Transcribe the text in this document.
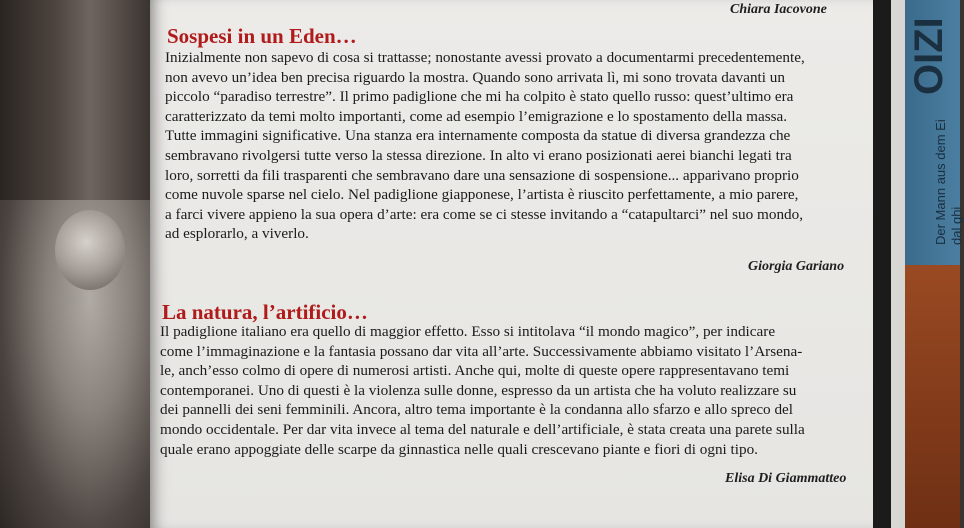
OIZI
Der Mann aus dem Ei dal ghi
Chiara Iacovone
Sospesi in un Eden…
Inizialmente non sapevo di cosa si trattasse; nonostante avessi provato a documentarmi precedentemente,
non avevo un’idea ben precisa riguardo la mostra. Quando sono arrivata lì, mi sono trovata davanti un
piccolo “paradiso terrestre”. Il primo padiglione che mi ha colpito è stato quello russo: quest’ultimo era
caratterizzato da temi molto importanti, come ad esempio l’emigrazione e lo spostamento della massa.
Tutte immagini significative. Una stanza era internamente composta da statue di diversa grandezza che
sembravano rivolgersi tutte verso la stessa direzione. In alto vi erano posizionati aerei bianchi legati tra
loro, sorretti da fili trasparenti che sembravano dare una sensazione di sospensione... apparivano proprio
come nuvole sparse nel cielo. Nel padiglione giapponese, l’artista è riuscito perfettamente, a mio parere,
a farci vivere appieno la sua opera d’arte: era come se ci stesse invitando a “catapultarci” nel suo mondo,
ad esplorarlo, a viverlo.
Giorgia Gariano
La natura, l’artificio…
Il padiglione italiano era quello di maggior effetto. Esso si intitolava “il mondo magico”, per indicare
come l’immaginazione e la fantasia possano dar vita all’arte. Successivamente abbiamo visitato l’Arsena-
le, anch’esso colmo di opere di numerosi artisti. Anche qui, molte di queste opere rappresentavano temi
contemporanei. Uno di questi è la violenza sulle donne, espresso da un artista che ha voluto realizzare su
dei pannelli dei seni femminili. Ancora, altro tema importante è la condanna allo sfarzo e allo spreco del
mondo occidentale. Per dar vita invece al tema del naturale e dell’artificiale, è stata creata una parete sulla
quale erano appoggiate delle scarpe da ginnastica nelle quali crescevano piante e fiori di ogni tipo.
Elisa Di Giammatteo
